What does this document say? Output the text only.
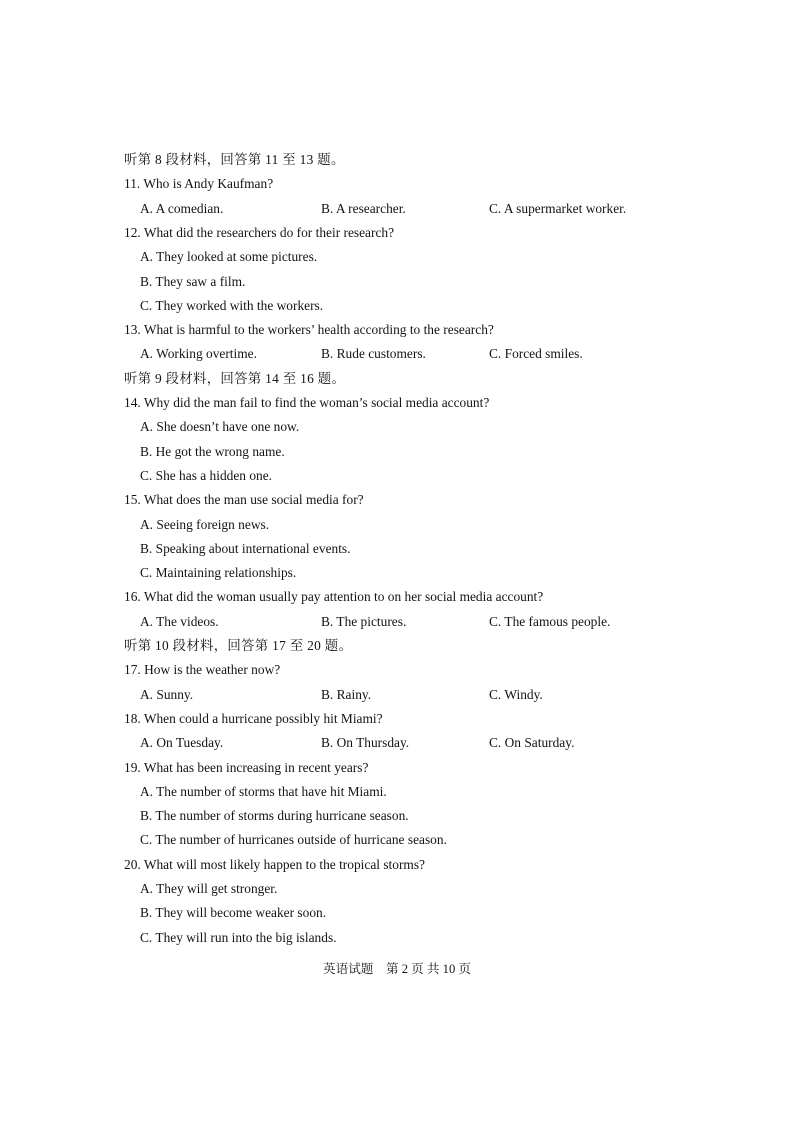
听第 8 段材料，回答第 11 至 13 题。
11. Who is Andy Kaufman?
A. A comedian.	B. A researcher.	C. A supermarket worker.
12. What did the researchers do for their research?
A. They looked at some pictures.
B. They saw a film.
C. They worked with the workers.
13. What is harmful to the workers’ health according to the research?
A. Working overtime.	B. Rude customers.	C. Forced smiles.
听第 9 段材料，回答第 14 至 16 题。
14. Why did the man fail to find the woman’s social media account?
A. She doesn’t have one now.
B. He got the wrong name.
C. She has a hidden one.
15. What does the man use social media for?
A. Seeing foreign news.
B. Speaking about international events.
C. Maintaining relationships.
16. What did the woman usually pay attention to on her social media account?
A. The videos.	B. The pictures.	C. The famous people.
听第 10 段材料，回答第 17 至 20 题。
17. How is the weather now?
A. Sunny.	B. Rainy.	C. Windy.
18. When could a hurricane possibly hit Miami?
A. On Tuesday.	B. On Thursday.	C. On Saturday.
19. What has been increasing in recent years?
A. The number of storms that have hit Miami.
B. The number of storms during hurricane season.
C. The number of hurricanes outside of hurricane season.
20. What will most likely happen to the tropical storms?
A. They will get stronger.
B. They will become weaker soon.
C. They will run into the big islands.
英语试题 第 2 页 共 10 页
